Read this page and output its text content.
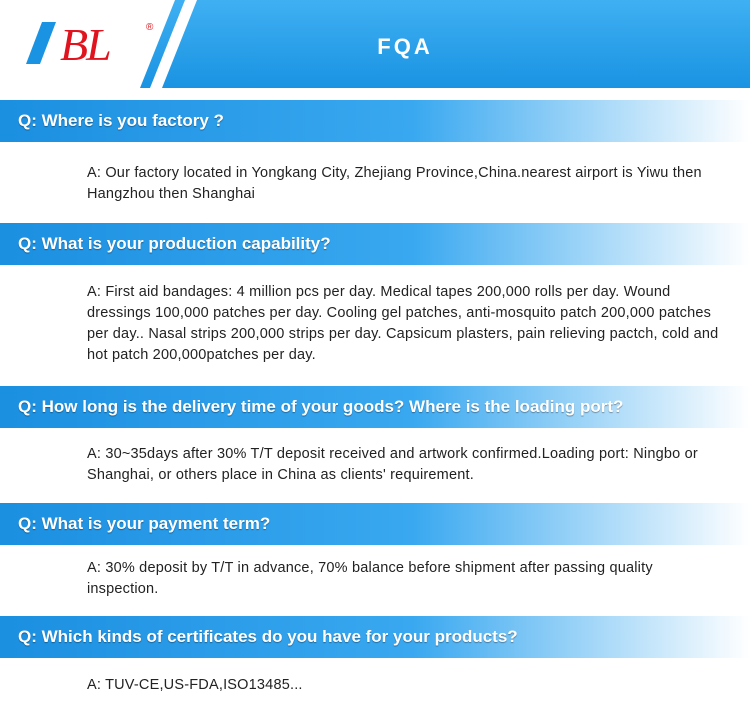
BL	®
FQA
Q: Where is you factory ?
A: Our factory located in Yongkang City, Zhejiang Province,China.nearest airport is Yiwu then Hangzhou then Shanghai
Q: What is your production capability?
A: First aid bandages: 4 million pcs per day. Medical tapes 200,000 rolls per day. Wound dressings 100,000 patches per day. Cooling gel patches, anti-mosquito patch 200,000 patches per day.. Nasal strips 200,000 strips per day. Capsicum plasters, pain relieving pactch, cold and hot patch 200,000patches per day.
Q: How long is the delivery time of your goods? Where is the loading port?
A: 30~35days after 30% T/T deposit received and artwork confirmed.Loading port: Ningbo or Shanghai, or others place in China as clients' requirement.
Q: What is your payment term?
A: 30% deposit by T/T in advance, 70% balance before shipment after passing quality inspection.
Q: Which kinds of certificates do you have for your products?
A: TUV-CE,US-FDA,ISO13485...
